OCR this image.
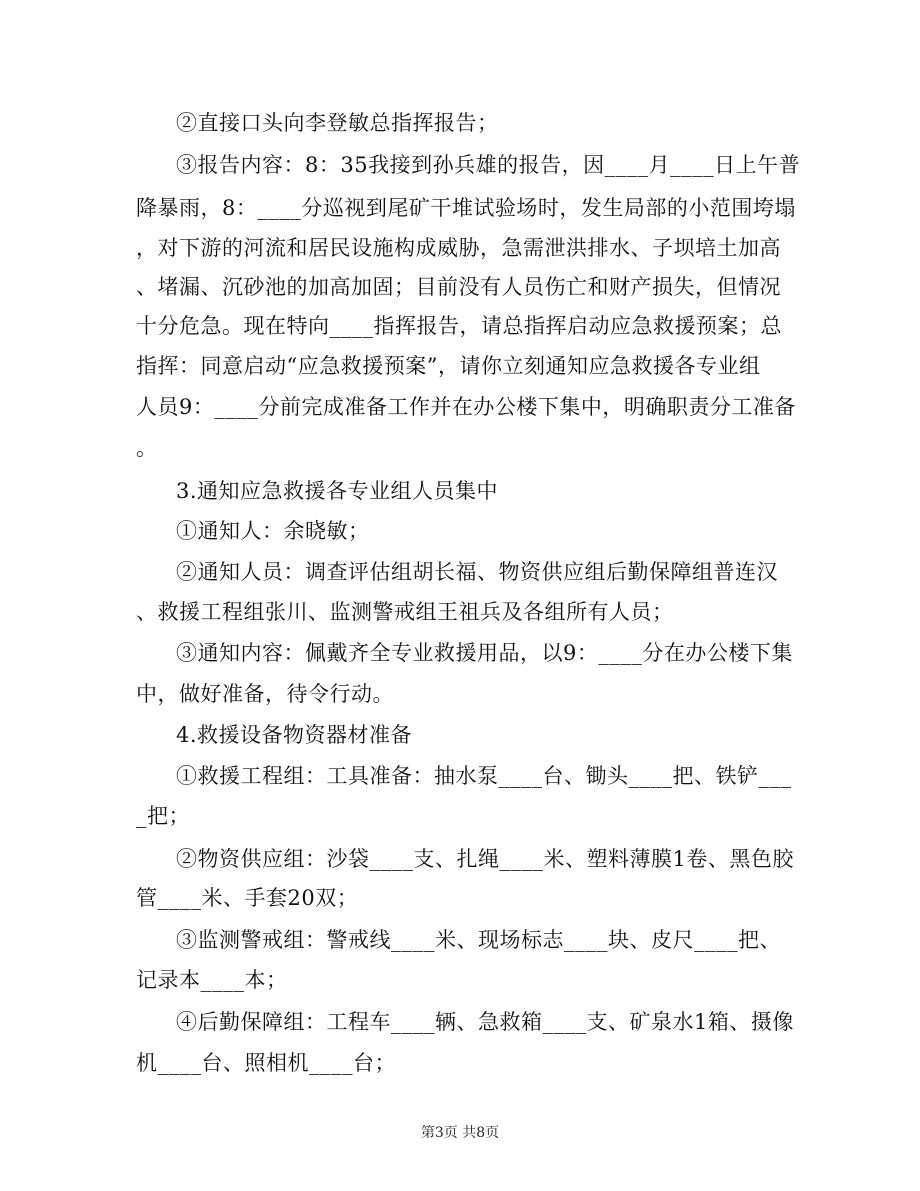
②直接口头向李登敏总指挥报告；
③报告内容：8：35我接到孙兵雄的报告，因____月____日上午普
降暴雨，8：____分巡视到尾矿干堆试验场时，发生局部的小范围垮塌
，对下游的河流和居民设施构成威胁，急需泄洪排水、子坝培土加高
、堵漏、沉砂池的加高加固；目前没有人员伤亡和财产损失，但情况
十分危急。现在特向____指挥报告，请总指挥启动应急救援预案；总
指挥：同意启动“应急救援预案”，请你立刻通知应急救援各专业组
人员9：____分前完成准备工作并在办公楼下集中，明确职责分工准备
。
3.通知应急救援各专业组人员集中
①通知人：余晓敏；
②通知人员：调查评估组胡长福、物资供应组后勤保障组普连汉
、救援工程组张川、监测警戒组王祖兵及各组所有人员；
③通知内容：佩戴齐全专业救援用品，以9：____分在办公楼下集
中，做好准备，待令行动。
4.救援设备物资器材准备
①救援工程组：工具准备：抽水泵____台、锄头____把、铁铲___
_把；
②物资供应组：沙袋____支、扎绳____米、塑料薄膜1卷、黑色胶
管____米、手套20双；
③监测警戒组：警戒线____米、现场标志____块、皮尺____把、
记录本____本；
④后勤保障组：工程车____辆、急救箱____支、矿泉水1箱、摄像
机____台、照相机____台；
第3页 共8页
